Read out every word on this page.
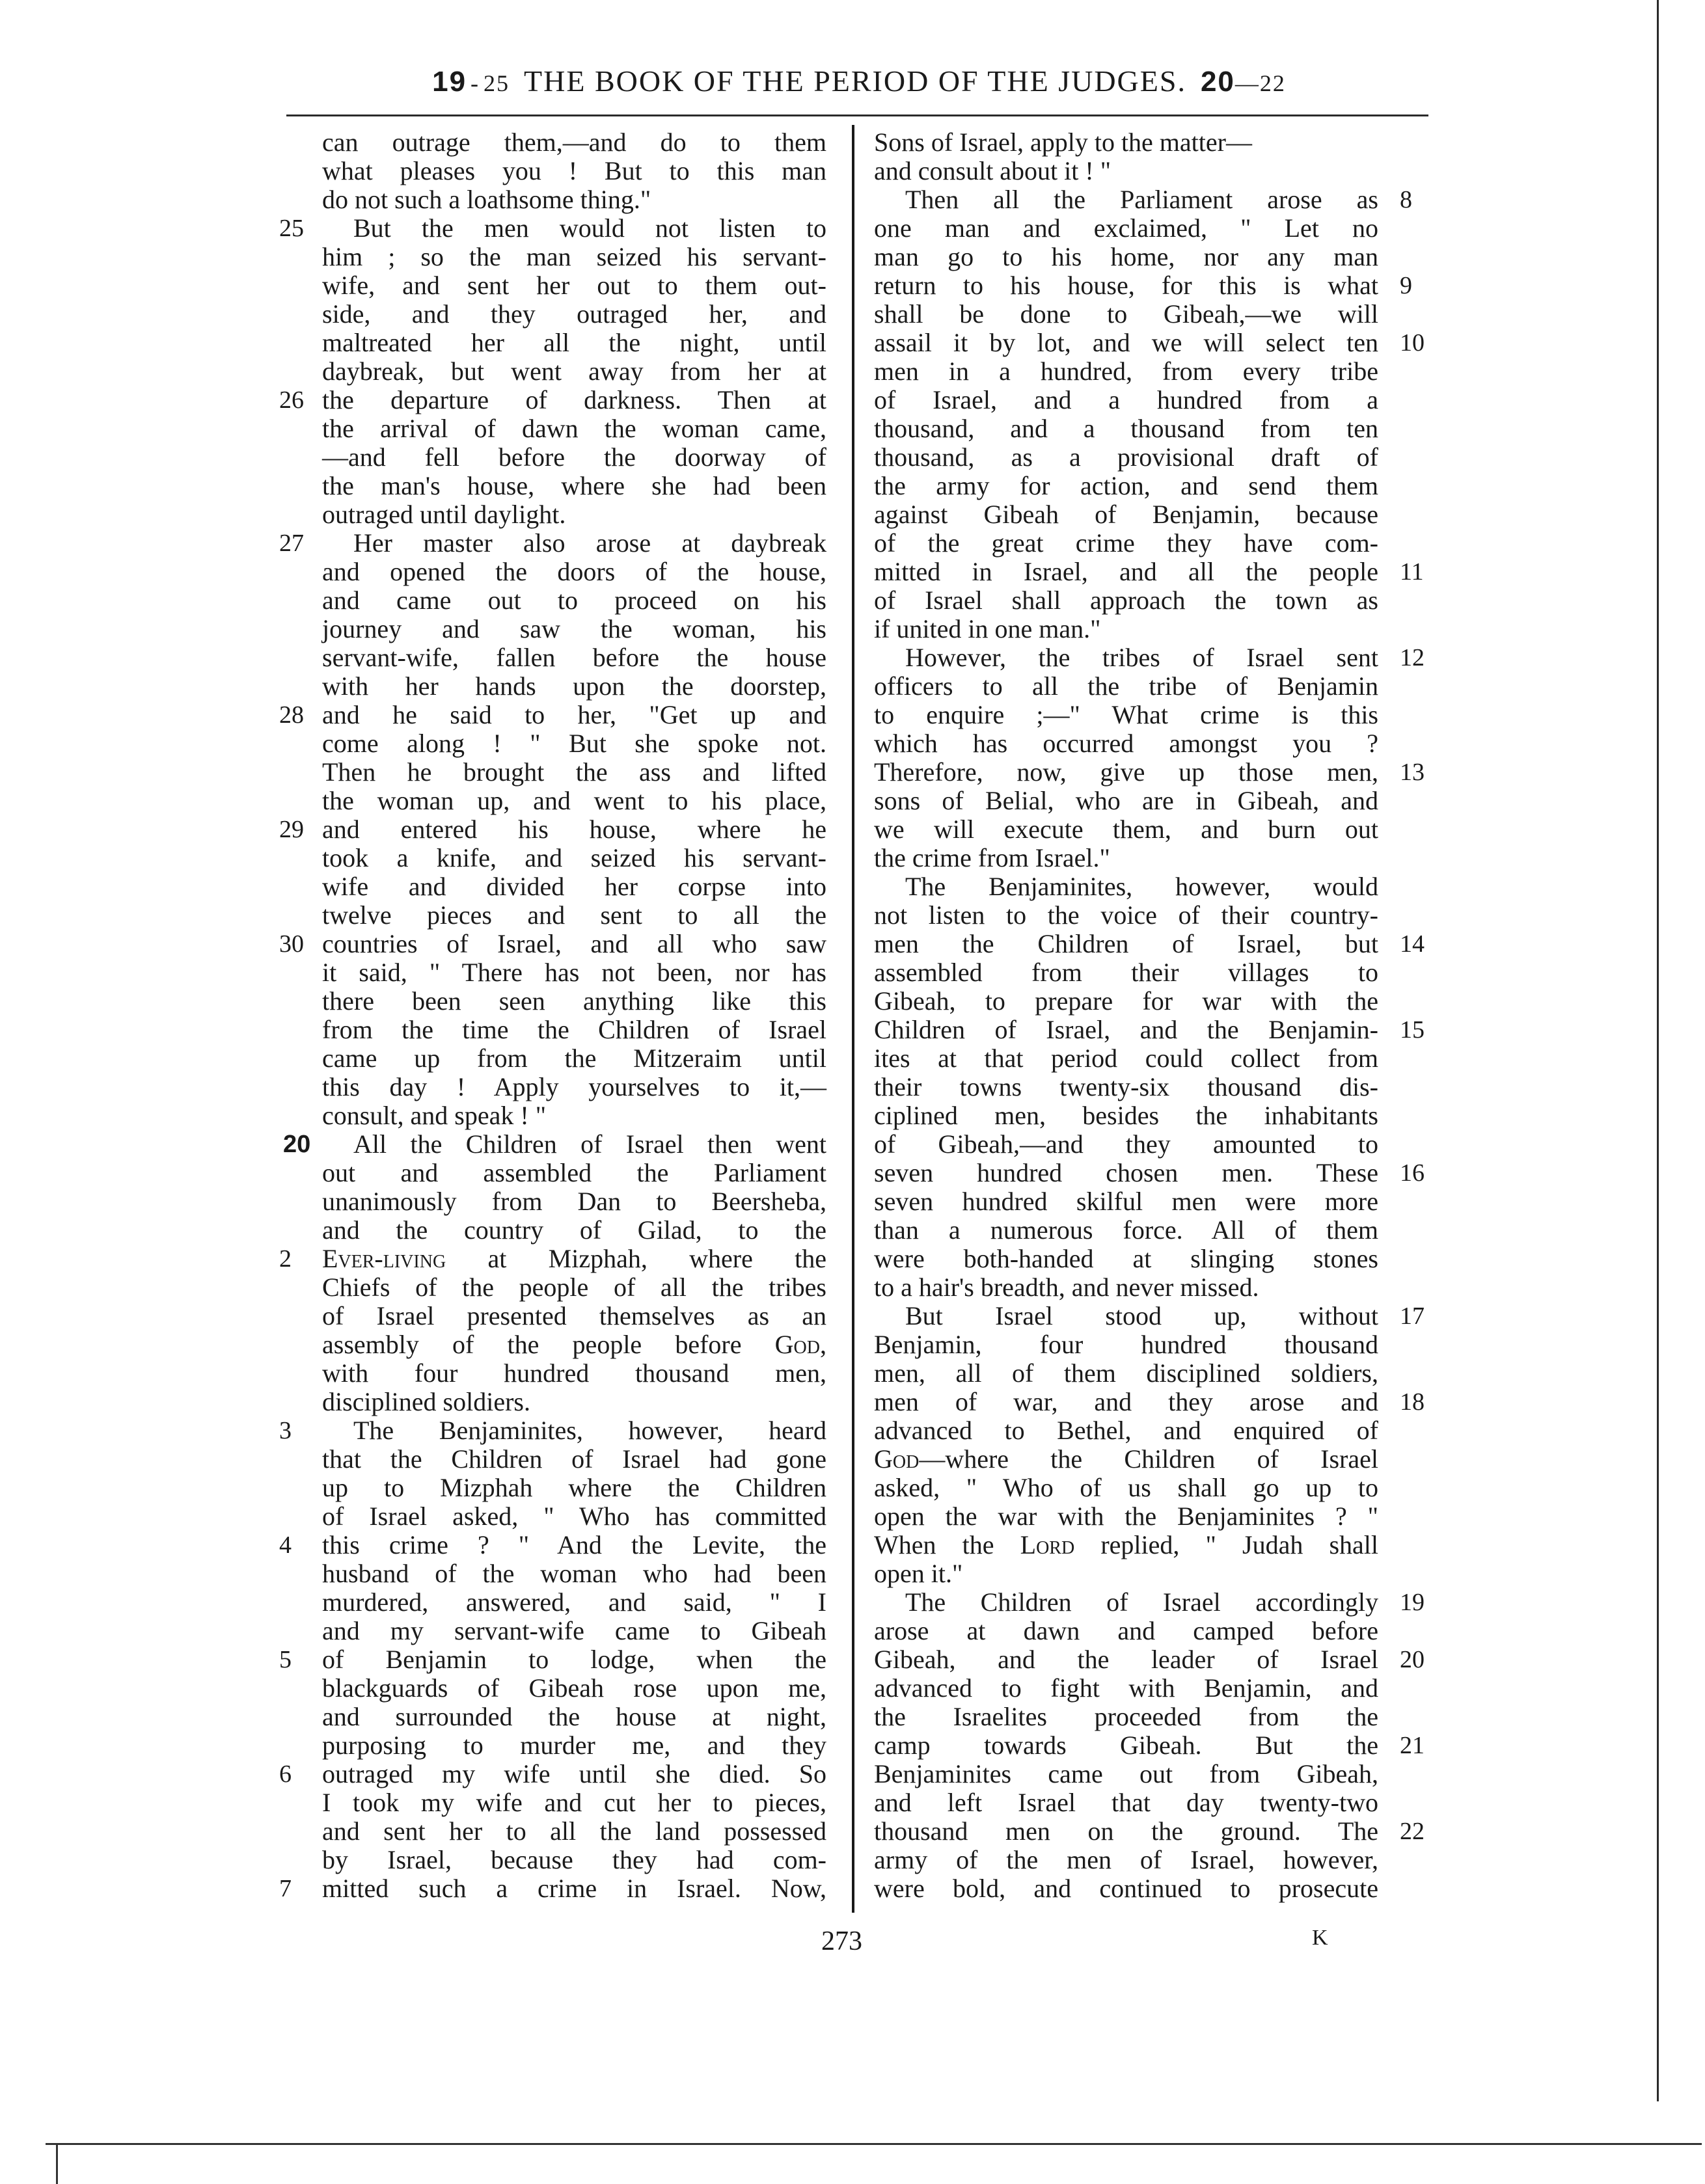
19 - 25 THE BOOK OF THE PERIOD OF THE JUDGES. 20 — 22
can outrage them,—and do to them
what pleases you ! But to this man
do not such a loathsome thing."
But the men would not listen to
25
him ; so the man seized his servant-
wife, and sent her out to them out-
side, and they outraged her, and
maltreated her all the night, until
daybreak, but went away from her at
the departure of darkness. Then at
26
the arrival of dawn the woman came,
—and fell before the doorway of
the man's house, where she had been
outraged until daylight.
Her master also arose at daybreak
27
and opened the doors of the house,
and came out to proceed on his
journey and saw the woman, his
servant-wife, fallen before the house
with her hands upon the doorstep,
and he said to her, "Get up and
28
come along ! " But she spoke not.
Then he brought the ass and lifted
the woman up, and went to his place,
and entered his house, where he
29
took a knife, and seized his servant-
wife and divided her corpse into
twelve pieces and sent to all the
countries of Israel, and all who saw
30
it said, " There has not been, nor has
there been seen anything like this
from the time the Children of Israel
came up from the Mitzeraim until
this day ! Apply yourselves to it,—
consult, and speak ! "
All the Children of Israel then went
20
out and assembled the Parliament
unanimously from Dan to Beersheba,
and the country of Gilad, to the
Ever-living at Mizphah, where the
2
Chiefs of the people of all the tribes
of Israel presented themselves as an
assembly of the people before God,
with four hundred thousand men,
disciplined soldiers.
The Benjaminites, however, heard
3
that the Children of Israel had gone
up to Mizphah where the Children
of Israel asked, " Who has committed
this crime ? " And the Levite, the
4
husband of the woman who had been
murdered, answered, and said, " I
and my servant-wife came to Gibeah
of Benjamin to lodge, when the
5
blackguards of Gibeah rose upon me,
and surrounded the house at night,
purposing to murder me, and they
outraged my wife until she died. So
6
I took my wife and cut her to pieces,
and sent her to all the land possessed
by Israel, because they had com-
mitted such a crime in Israel. Now,
7
Sons of Israel, apply to the matter—
and consult about it ! "
Then all the Parliament arose as 8
one man and exclaimed, " Let no
man go to his home, nor any man
return to his house, for this is what 9
shall be done to Gibeah,—we will
assail it by lot, and we will select ten 10
men in a hundred, from every tribe
of Israel, and a hundred from a
thousand, and a thousand from ten
thousand, as a provisional draft of
the army for action, and send them
against Gibeah of Benjamin, because
of the great crime they have com-
mitted in Israel, and all the people 11
of Israel shall approach the town as
if united in one man."
However, the tribes of Israel sent 12
officers to all the tribe of Benjamin
to enquire ;—" What crime is this
which has occurred amongst you ?
Therefore, now, give up those men, 13
sons of Belial, who are in Gibeah, and
we will execute them, and burn out
the crime from Israel."
The Benjaminites, however, would
not listen to the voice of their country-
men the Children of Israel, but 14
assembled from their villages to
Gibeah, to prepare for war with the
Children of Israel, and the Benjamin- 15
ites at that period could collect from
their towns twenty-six thousand dis-
ciplined men, besides the inhabitants
of Gibeah,—and they amounted to
seven hundred chosen men. These 16
seven hundred skilful men were more
than a numerous force. All of them
were both-handed at slinging stones
to a hair's breadth, and never missed.
But Israel stood up, without 17
Benjamin, four hundred thousand
men, all of them disciplined soldiers,
men of war, and they arose and 18
advanced to Bethel, and enquired of
God—where the Children of Israel
asked, " Who of us shall go up to
open the war with the Benjaminites ? "
When the Lord replied, " Judah shall
open it."
The Children of Israel accordingly 19
arose at dawn and camped before
Gibeah, and the leader of Israel 20
advanced to fight with Benjamin, and
the Israelites proceeded from the
camp towards Gibeah. But the 21
Benjaminites came out from Gibeah,
and left Israel that day twenty-two
thousand men on the ground. The 22
army of the men of Israel, however,
were bold, and continued to prosecute
273	K
